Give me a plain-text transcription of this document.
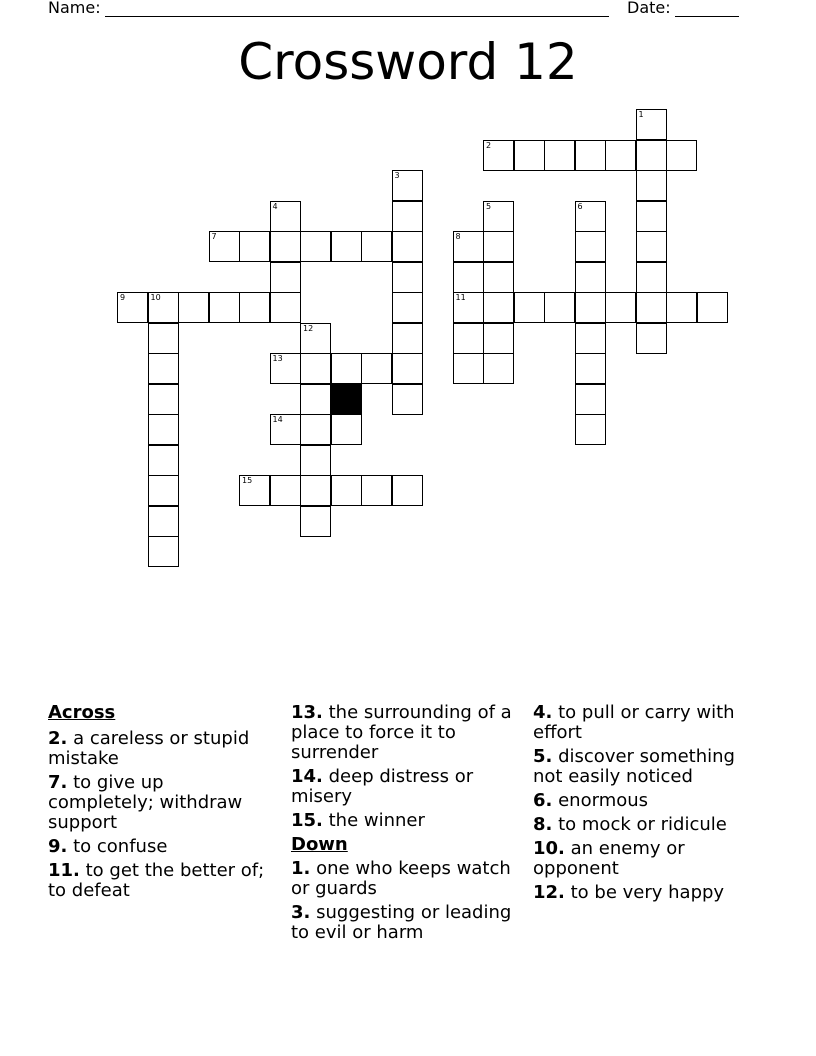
Name:	Date:
Crossword 12
1
2
3
4	5	6
7	8
11
9	10
12
13
14
15
Across
2. a careless or stupid mistake
7. to give up completely; withdraw support
9. to confuse
11. to get the better of; to defeat
13. the surrounding of a place to force it to surrender
14. deep distress or misery
15. the winner
Down
1. one who keeps watch or guards
3. suggesting or leading to evil or harm
4. to pull or carry with effort
5. discover something not easily noticed
6. enormous
8. to mock or ridicule
10. an enemy or opponent
12. to be very happy
